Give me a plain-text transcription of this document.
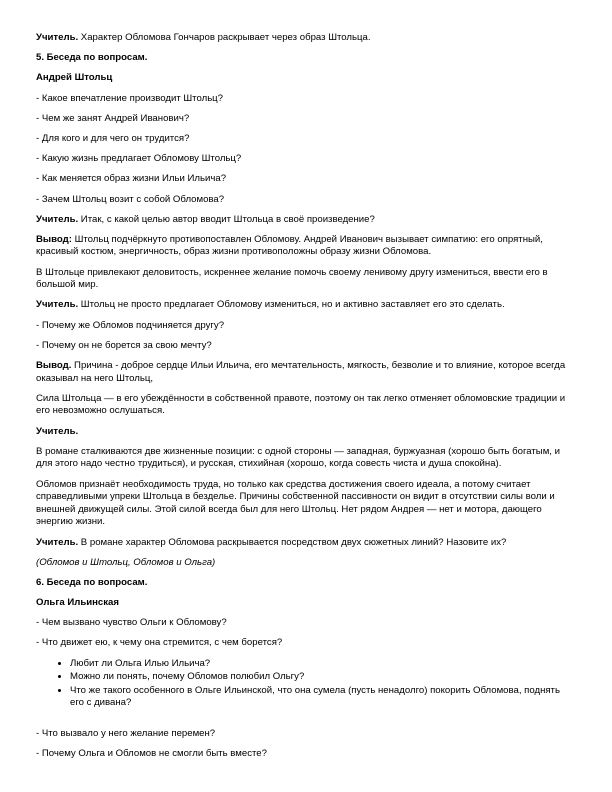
Учитель. Характер Обломова Гончаров раскрывает через образ Штольца.

5. Беседа по вопросам.

Андрей Штольц

- Какое впечатление производит Штольц?

- Чем же занят Андрей Иванович?

- Для кого и для чего он трудится?

- Какую жизнь предлагает Обломову Штольц?

- Как меняется образ жизни Ильи Ильича?

- Зачем Штольц возит с собой Обломова?

Учитель. Итак, с какой целью автор вводит Штольца в своё произведение?

Вывод: Штольц подчёркнуто противопоставлен Обломову. Андрей Иванович вызывает симпатию: его опрятный, красивый костюм, энергичность, образ жизни противоположны образу жизни Обломова.

В Штольце привлекают деловитость, искреннее желание помочь своему ленивому другу измениться, ввести его в большой мир.

Учитель. Штольц не просто предлагает Обломову измениться, но и активно заставляет его это сделать.

- Почему же Обломов подчиняется другу?

- Почему он не борется за свою мечту?

Вывод. Причина - доброе сердце Ильи Ильича, его мечтательность, мягкость, безволие и то влияние, которое всегда оказывал на него Штольц,

Сила Штольца — в его убеждённости в собственной правоте, поэтому он так легко отменяет обломовские традиции и его невозможно ослушаться.

Учитель.

В романе сталкиваются две жизненные позиции: с одной стороны — западная, буржуазная (хорошо быть богатым, и для этого надо честно трудиться), и русская, стихийная (хорошо, когда совесть чиста и душа спокойна).

Обломов признаёт необходимость труда, но только как средства достижения своего идеала, а потому считает справедливыми упреки Штольца в безделье. Причины собственной пассивности он видит в отсутствии силы воли и внешней движущей силы. Этой силой всегда был для него Штольц. Нет рядом Андрея — нет и мотора, дающего энергию жизни.

Учитель. В романе характер Обломова раскрывается посредством двух сюжетных линий? Назовите их?

(Обломов и Штольц, Обломов и Ольга)

6. Беседа по вопросам.

Ольга Ильинская

- Чем вызвано чувство Ольги к Обломову?

- Что движет ею, к чему она стремится, с чем борется?

• Любит ли Ольга Илью Ильича?
• Можно ли понять, почему Обломов полюбил Ольгу?
• Что же такого особенного в Ольге Ильинской, что она сумела (пусть ненадолго) покорить Обломова, поднять его с дивана?

- Что вызвало у него желание перемен?

- Почему Ольга и Обломов не смогли быть вместе?
